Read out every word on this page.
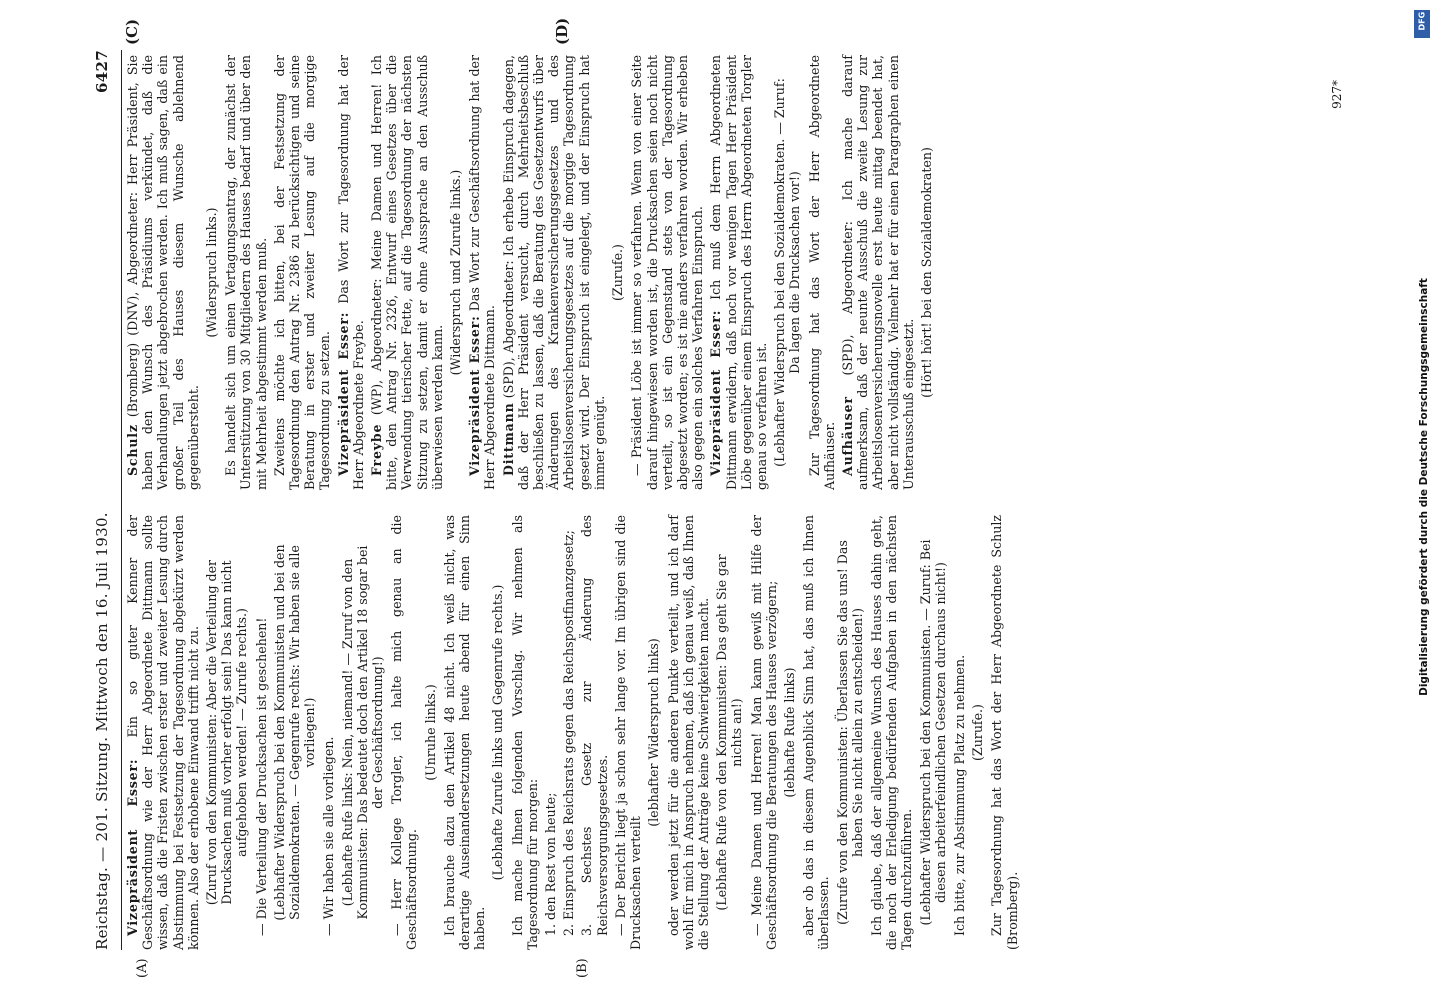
Reichstag. — 201. Sitzung. Mittwoch den 16. Juli 1930.
6427
(A)	(B)
(C)	(D)

Vizepräsident Esser: Ein so guter Kenner der Geschäftsordnung wie der Herr Abgeordnete Dittmann sollte wissen, daß die Fristen zwischen erster und zweiter Lesung durch Abstimmung bei Festsetzung der Tagesordnung abgekürzt werden können. Also der erhobene Einwand trifft nicht zu. (Zuruf von den Kommunisten: Aber die Verteilung der Drucksachen muß vorher erfolgt sein! Das kann nicht aufgehoben werden! — Zurufe rechts.) — Die Verteilung der Drucksachen ist geschehen! (Lebhafter Widerspruch bei den Kommunisten und bei den Sozialdemokraten. — Gegenrufe rechts: Wir haben sie alle vorliegen!)

— Wir haben sie alle vorliegen. (Lebhafte Rufe links: Nein, niemand! — Zuruf von den Kommunisten: Das bedeutet doch den Artikel 18 sogar bei der Geschäftsordnung!) — Herr Kollege Torgler, ich halte mich genau an die Geschäftsordnung.

(Unruhe links.) Ich brauche dazu den Artikel 48 nicht. Ich weiß nicht, was derartige Auseinandersetzungen heute abend für einen Sinn haben.

(Lebhafte Zurufe links und Gegenrufe rechts.) Ich mache Ihnen folgenden Vorschlag. Wir nehmen als Tagesordnung für morgen: 1. den Rest von heute; 2. Einspruch des Reichsrats gegen das Reichspostfinanzgesetz; 3. Sechstes Gesetz zur Änderung des Reichsversorgungsgesetzes. — Der Bericht liegt ja schon sehr lange vor. Im übrigen sind die Drucksachen verteilt

(lebhafter Widerspruch links) oder werden jetzt für die anderen Punkte verteilt, und ich darf wohl für mich in Anspruch nehmen, daß ich genau weiß, daß Ihnen die Stellung der Anträge keine Schwierigkeiten macht. (Lebhafte Rufe von den Kommunisten: Das geht Sie gar nichts an!) — Meine Damen und Herren! Man kann gewiß mit Hilfe der Geschäftsordnung die Beratungen des Hauses verzögern; (lebhafte Rufe links) aber ob das in diesem Augenblick Sinn hat, das muß ich Ihnen überlassen. (Zurufe von den Kommunisten: Überlassen Sie das uns! Das haben Sie nicht allein zu entscheiden!) Ich glaube, daß der allgemeine Wunsch des Hauses dahin geht, die noch der Erledigung bedürfenden Aufgaben in den nächsten Tagen durchzuführen. (Lebhafter Widerspruch bei den Kommunisten. — Zuruf: Bei diesen arbeiterfeindlichen Gesetzen durchaus nicht!) Ich bitte, zur Abstimmung Platz zu nehmen. (Zurufe.) Zur Tagesordnung hat das Wort der Herr Abgeordnete Schulz (Bromberg).

Schulz (Bromberg) (DNV), Abgeordneter: Herr Präsident, Sie haben den Wunsch des Präsidiums verkündet, daß die Verhandlungen jetzt abgebrochen werden. Ich muß sagen, daß ein großer Teil des Hauses diesem Wunsche ablehnend gegenübersteht.

(Widerspruch links.) Es handelt sich um einen Vertagungsantrag, der zunächst der Unterstützung von 30 Mitgliedern des Hauses bedarf und über den mit Mehrheit abgestimmt werden muß. Zweitens möchte ich bitten, bei der Festsetzung der Tagesordnung den Antrag Nr. 2386 zu berücksichtigen und seine Beratung in erster und zweiter Lesung auf die morgige Tagesordnung zu setzen. Vizepräsident Esser: Das Wort zur Tagesordnung hat der Herr Abgeordnete Freybe. Freybe (WP), Abgeordneter: Meine Damen und Herren! Ich bitte, den Antrag Nr. 2326, Entwurf eines Gesetzes über die Verwendung tierischer Fette, auf die Tagesordnung der nächsten Sitzung zu setzen, damit er ohne Aussprache an den Ausschuß überwiesen werden kann.

(Widerspruch und Zurufe links.)

Vizepräsident Esser: Das Wort zur Geschäftsordnung hat der Herr Abgeordnete Dittmann. Dittmann (SPD), Abgeordneter: Ich erhebe Einspruch dagegen, daß der Herr Präsident versucht, durch Mehrheitsbeschluß beschließen zu lassen, daß die Beratung des Gesetzentwurfs über Änderungen des Krankenversicherungsgesetzes und des Arbeitslosenversicherungsgesetzes auf die morgige Tagesordnung gesetzt wird. Der Einspruch ist eingelegt, und der Einspruch hat immer genügt.

(Zurufe.) — Präsident Löbe ist immer so verfahren. Wenn von einer Seite darauf hingewiesen worden ist, die Drucksachen seien noch nicht verteilt, so ist ein Gegenstand stets von der Tagesordnung abgesetzt worden; es ist nie anders verfahren worden. Wir erheben also gegen ein solches Verfahren Einspruch. Vizepräsident Esser: Ich muß dem Herrn Abgeordneten Dittmann erwidern, daß noch vor wenigen Tagen Herr Präsident Löbe gegenüber einem Einspruch des Herrn Abgeordneten Torgler genau so verfahren ist. (Lebhafter Widerspruch bei den Sozialdemokraten. — Zuruf: Da lagen die Drucksachen vor!) Zur Tagesordnung hat das Wort der Herr Abgeordnete Aufhäuser. Aufhäuser (SPD), Abgeordneter: Ich mache darauf aufmerksam, daß der neunte Ausschuß die zweite Lesung zur Arbeitslosenversicherungsnovelle erst heute mittag beendet hat, aber nicht vollständig. Vielmehr hat er für einen Paragraphen einen Unterausschuß eingesetzt.

(Hört! hört! bei den Sozialdemokraten)

927*
Digitalisierung gefördert durch die Deutsche Forschungsgemeinschaft
DFG
